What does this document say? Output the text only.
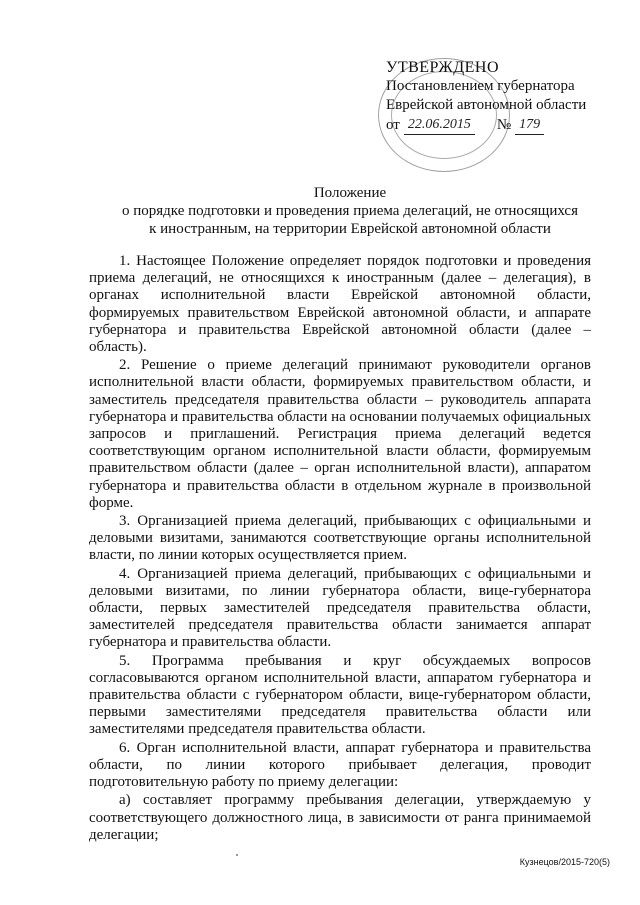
УТВЕРЖДЕНО
Постановлением губернатора
Еврейской автономной области
от 22.06.2015 № 179
Положение
о порядке подготовки и проведения приема делегаций, не относящихся
к иностранным, на территории Еврейской автономной области

1. Настоящее Положение определяет порядок подготовки и проведения приема делегаций, не относящихся к иностранным (далее – делегация), в органах исполнительной власти Еврейской автономной области, формируемых правительством Еврейской автономной области, и аппарате губернатора и правительства Еврейской автономной области (далее – область).

2. Решение о приеме делегаций принимают руководители органов исполнительной власти области, формируемых правительством области, и заместитель председателя правительства области – руководитель аппарата губернатора и правительства области на основании получаемых официальных запросов и приглашений. Регистрация приема делегаций ведется соответствующим органом исполнительной власти области, формируемым правительством области (далее – орган исполнительной власти), аппаратом губернатора и правительства области в отдельном журнале в произвольной форме.

3. Организацией приема делегаций, прибывающих с официальными и деловыми визитами, занимаются соответствующие органы исполнительной власти, по линии которых осуществляется прием.

4. Организацией приема делегаций, прибывающих с официальными и деловыми визитами, по линии губернатора области, вице-губернатора области, первых заместителей председателя правительства области, заместителей председателя правительства области занимается аппарат губернатора и правительства области.

5. Программа пребывания и круг обсуждаемых вопросов согласовываются органом исполнительной власти, аппаратом губернатора и правительства области с губернатором области, вице-губернатором области, первыми заместителями председателя правительства области или заместителями председателя правительства области.

6. Орган исполнительной власти, аппарат губернатора и правительства области, по линии которого прибывает делегация, проводит подготовительную работу по приему делегации:

а) составляет программу пребывания делегации, утверждаемую у соответствующего должностного лица, в зависимости от ранга принимаемой делегации;

Кузнецов/2015-720(5)
